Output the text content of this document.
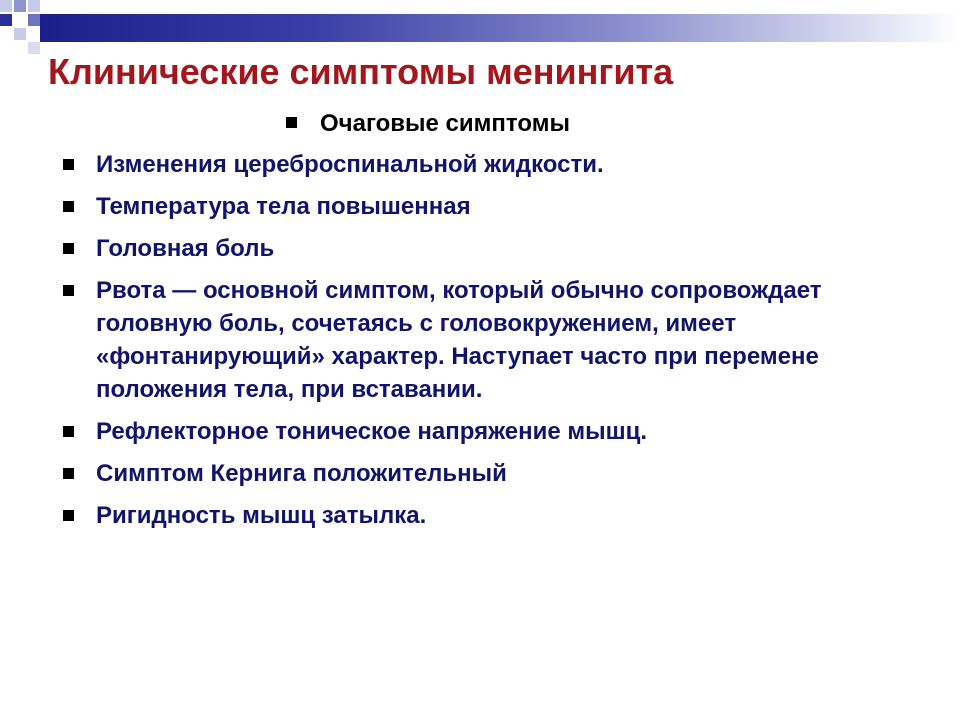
Клинические симптомы менингита
Очаговые симптомы
Изменения цереброспинальной жидкости.
Температура тела повышенная
Головная боль
Рвота — основной симптом, который обычно сопровождает головную боль, сочетаясь с головокружением, имеет «фонтанирующий» характер. Наступает часто при перемене положения тела, при вставании.
Рефлекторное тоническое напряжение мышц.
Симптом Кернига положительный
Ригидность мышц затылка.
